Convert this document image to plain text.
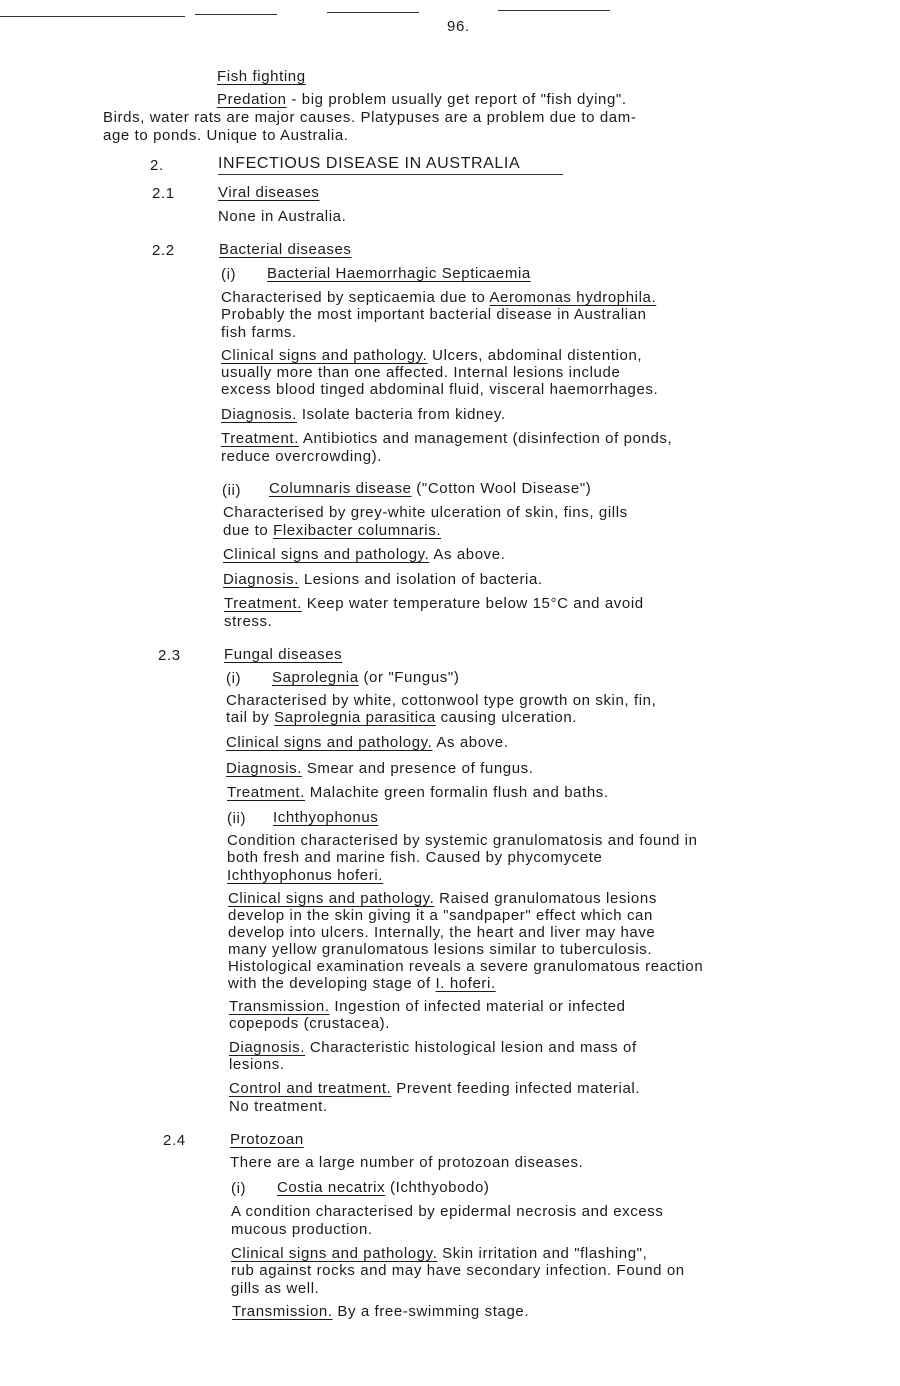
96.
Fish fighting
Predation - big problem usually get report of "fish dying".
Birds, water rats are major causes. Platypuses are a problem due to dam-
age to ponds. Unique to Australia.
2.	INFECTIOUS DISEASE IN AUSTRALIA
2.1	Viral diseases
None in Australia.
2.2	Bacterial diseases
(i) Bacterial Haemorrhagic Septicaemia
Characterised by septicaemia due to Aeromonas hydrophila.
Probably the most important bacterial disease in Australian
fish farms.
Clinical signs and pathology. Ulcers, abdominal distention,
usually more than one affected. Internal lesions include
excess blood tinged abdominal fluid, visceral haemorrhages.
Diagnosis. Isolate bacteria from kidney.
Treatment. Antibiotics and management (disinfection of ponds,
reduce overcrowding).
(ii) Columnaris disease ("Cotton Wool Disease")
Characterised by grey-white ulceration of skin, fins, gills
due to Flexibacter columnaris.
Clinical signs and pathology. As above.
Diagnosis. Lesions and isolation of bacteria.
Treatment. Keep water temperature below 15°C and avoid
stress.
2.3	Fungal diseases
(i) Saprolegnia (or "Fungus")
Characterised by white, cottonwool type growth on skin, fin,
tail by Saprolegnia parasitica causing ulceration.
Clinical signs and pathology. As above.
Diagnosis. Smear and presence of fungus.
Treatment. Malachite green formalin flush and baths.
(ii) Ichthyophonus
Condition characterised by systemic granulomatosis and found in
both fresh and marine fish. Caused by phycomycete
Ichthyophonus hoferi.
Clinical signs and pathology. Raised granulomatous lesions
develop in the skin giving it a "sandpaper" effect which can
develop into ulcers. Internally, the heart and liver may have
many yellow granulomatous lesions similar to tuberculosis.
Histological examination reveals a severe granulomatous reaction
with the developing stage of I. hoferi.
Transmission. Ingestion of infected material or infected
copepods (crustacea).
Diagnosis. Characteristic histological lesion and mass of
lesions.
Control and treatment. Prevent feeding infected material.
No treatment.
2.4	Protozoan
There are a large number of protozoan diseases.
(i) Costia necatrix (Ichthyobodo)
A condition characterised by epidermal necrosis and excess
mucous production.
Clinical signs and pathology. Skin irritation and "flashing",
rub against rocks and may have secondary infection. Found on
gills as well.
Transmission. By a free-swimming stage.
